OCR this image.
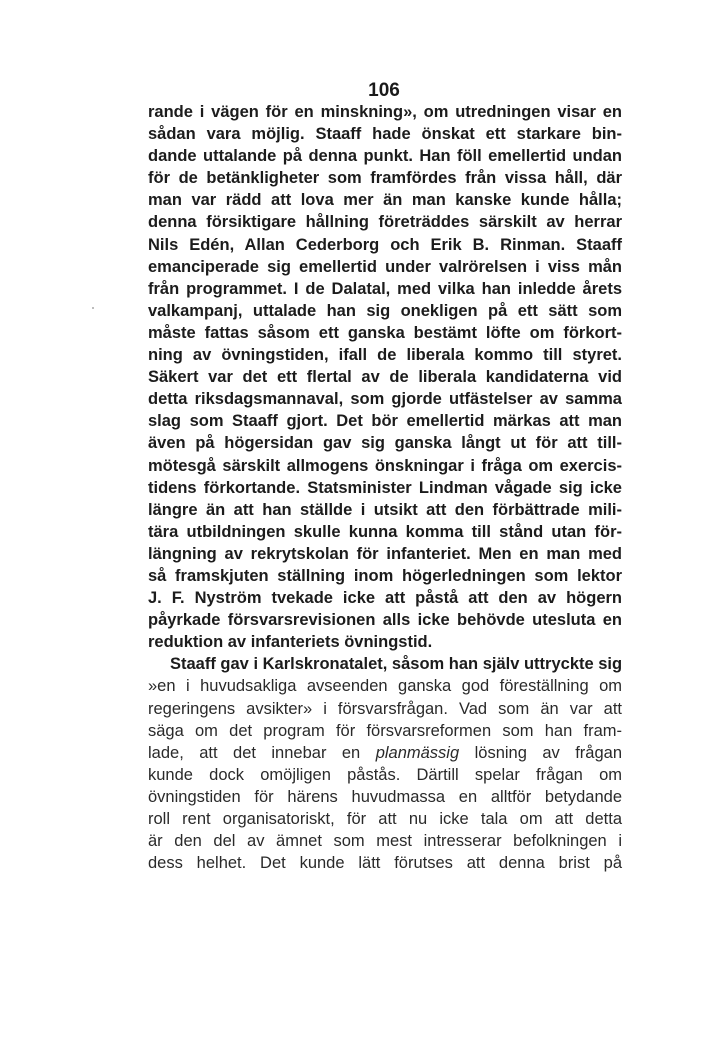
106
rande i vägen för en minskning», om utredningen visar en
sådan vara möjlig. Staaff hade önskat ett starkare bin-
dande uttalande på denna punkt. Han föll emellertid undan
för de betänkligheter som framfördes från vissa håll, där
man var rädd att lova mer än man kanske kunde hålla;
denna försiktigare hållning företräddes särskilt av herrar
Nils Edén, Allan Cederborg och Erik B. Rinman. Staaff
emanciperade sig emellertid under valrörelsen i viss mån
från programmet. I de Dalatal, med vilka han inledde årets
valkampanj, uttalade han sig onekligen på ett sätt som
måste fattas såsom ett ganska bestämt löfte om förkort-
ning av övningstiden, ifall de liberala kommo till styret.
Säkert var det ett flertal av de liberala kandidaterna vid
detta riksdagsmannaval, som gjorde utfästelser av samma
slag som Staaff gjort. Det bör emellertid märkas att man
även på högersidan gav sig ganska långt ut för att till-
mötesgå särskilt allmogens önskningar i fråga om exercis-
tidens förkortande. Statsminister Lindman vågade sig icke
längre än att han ställde i utsikt att den förbättrade mili-
tära utbildningen skulle kunna komma till stånd utan för-
längning av rekrytskolan för infanteriet. Men en man med
så framskjuten ställning inom högerledningen som lektor
J. F. Nyström tvekade icke att påstå att den av högern
påyrkade försvarsrevisionen alls icke behövde utesluta en
reduktion av infanteriets övningstid.
Staaff gav i Karlskronatalet, såsom han själv uttryckte sig
»en i huvudsakliga avseenden ganska god föreställning om
regeringens avsikter» i försvarsfrågan. Vad som än var att
säga om det program för försvarsreformen som han fram-
lade, att det innebar en planmässig lösning av frågan
kunde dock omöjligen påstås. Därtill spelar frågan om
övningstiden för härens huvudmassa en alltför betydande
roll rent organisatoriskt, för att nu icke tala om att detta
är den del av ämnet som mest intresserar befolkningen i
dess helhet. Det kunde lätt förutses att denna brist på
